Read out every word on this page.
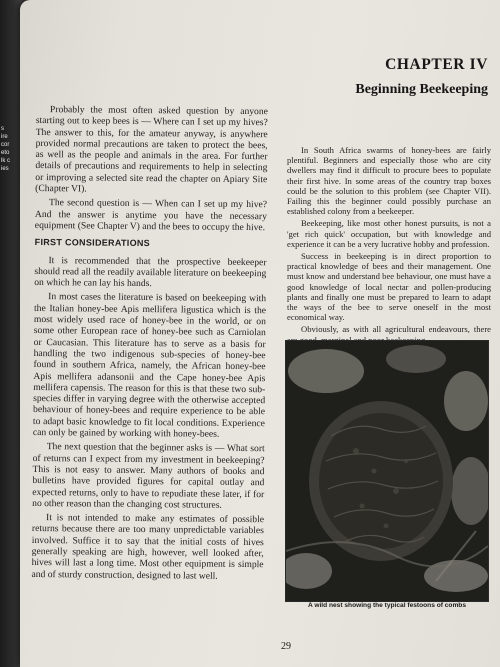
s
ire
cor
eto
lk c
ies
CHAPTER IV
Beginning Beekeeping

Probably the most often asked question by anyone starting out to keep bees is — Where can I set up my hives? The answer to this, for the amateur anyway, is anywhere provided normal precautions are taken to protect the bees, as well as the people and animals in the area. For further details of precautions and requirements to help in selecting or improving a selected site read the chapter on Apiary Site (Chapter VI).

The second question is — When can I set up my hive? And the answer is anytime you have the necessary equipment (See Chapter V) and the bees to occupy the hive.

FIRST CONSIDERATIONS

It is recommended that the prospective beekeeper should read all the readily available literature on beekeeping on which he can lay his hands.

In most cases the literature is based on beekeeping with the Italian honey-bee Apis mellifera ligustica which is the most widely used race of honey-bee in the world, or on some other European race of honey-bee such as Carniolan or Caucasian. This literature has to serve as a basis for handling the two indigenous sub-species of honey-bee found in southern Africa, namely, the African honey-bee Apis mellifera adansonii and the Cape honey-bee Apis mellifera capensis. The reason for this is that these two sub-species differ in varying degree with the otherwise accepted behaviour of honey-bees and require experience to be able to adapt basic knowledge to fit local conditions. Experience can only be gained by working with honey-bees.

The next question that the beginner asks is — What sort of returns can I expect from my investment in beekeeping? This is not easy to answer. Many authors of books and bulletins have provided figures for capital outlay and expected returns, only to have to repudiate these later, if for no other reason than the changing cost structures.

It is not intended to make any estimates of possible returns because there are too many unpredictable variables involved. Suffice it to say that the initial costs of hives generally speaking are high, however, well looked after, hives will last a long time. Most other equipment is simple and of sturdy construction, designed to last well.

In South Africa swarms of honey-bees are fairly plentiful. Beginners and especially those who are city dwellers may find it difficult to procure bees to populate their first hive. In some areas of the country trap boxes could be the solution to this problem (see Chapter VII). Failing this the beginner could possibly purchase an established colony from a beekeeper.

Beekeeping, like most other honest pursuits, is not a 'get rich quick' occupation, but with knowledge and experience it can be a very lucrative hobby and profession.

Success in beekeeping is in direct proportion to practical knowledge of bees and their management. One must know and understand bee behaviour, one must have a good knowledge of local nectar and pollen-producing plants and finally one must be prepared to learn to adapt the ways of the bee to serve oneself in the most economical way.

Obviously, as with all agricultural endeavours, there

A wild nest showing the typical festoons of combs
29
